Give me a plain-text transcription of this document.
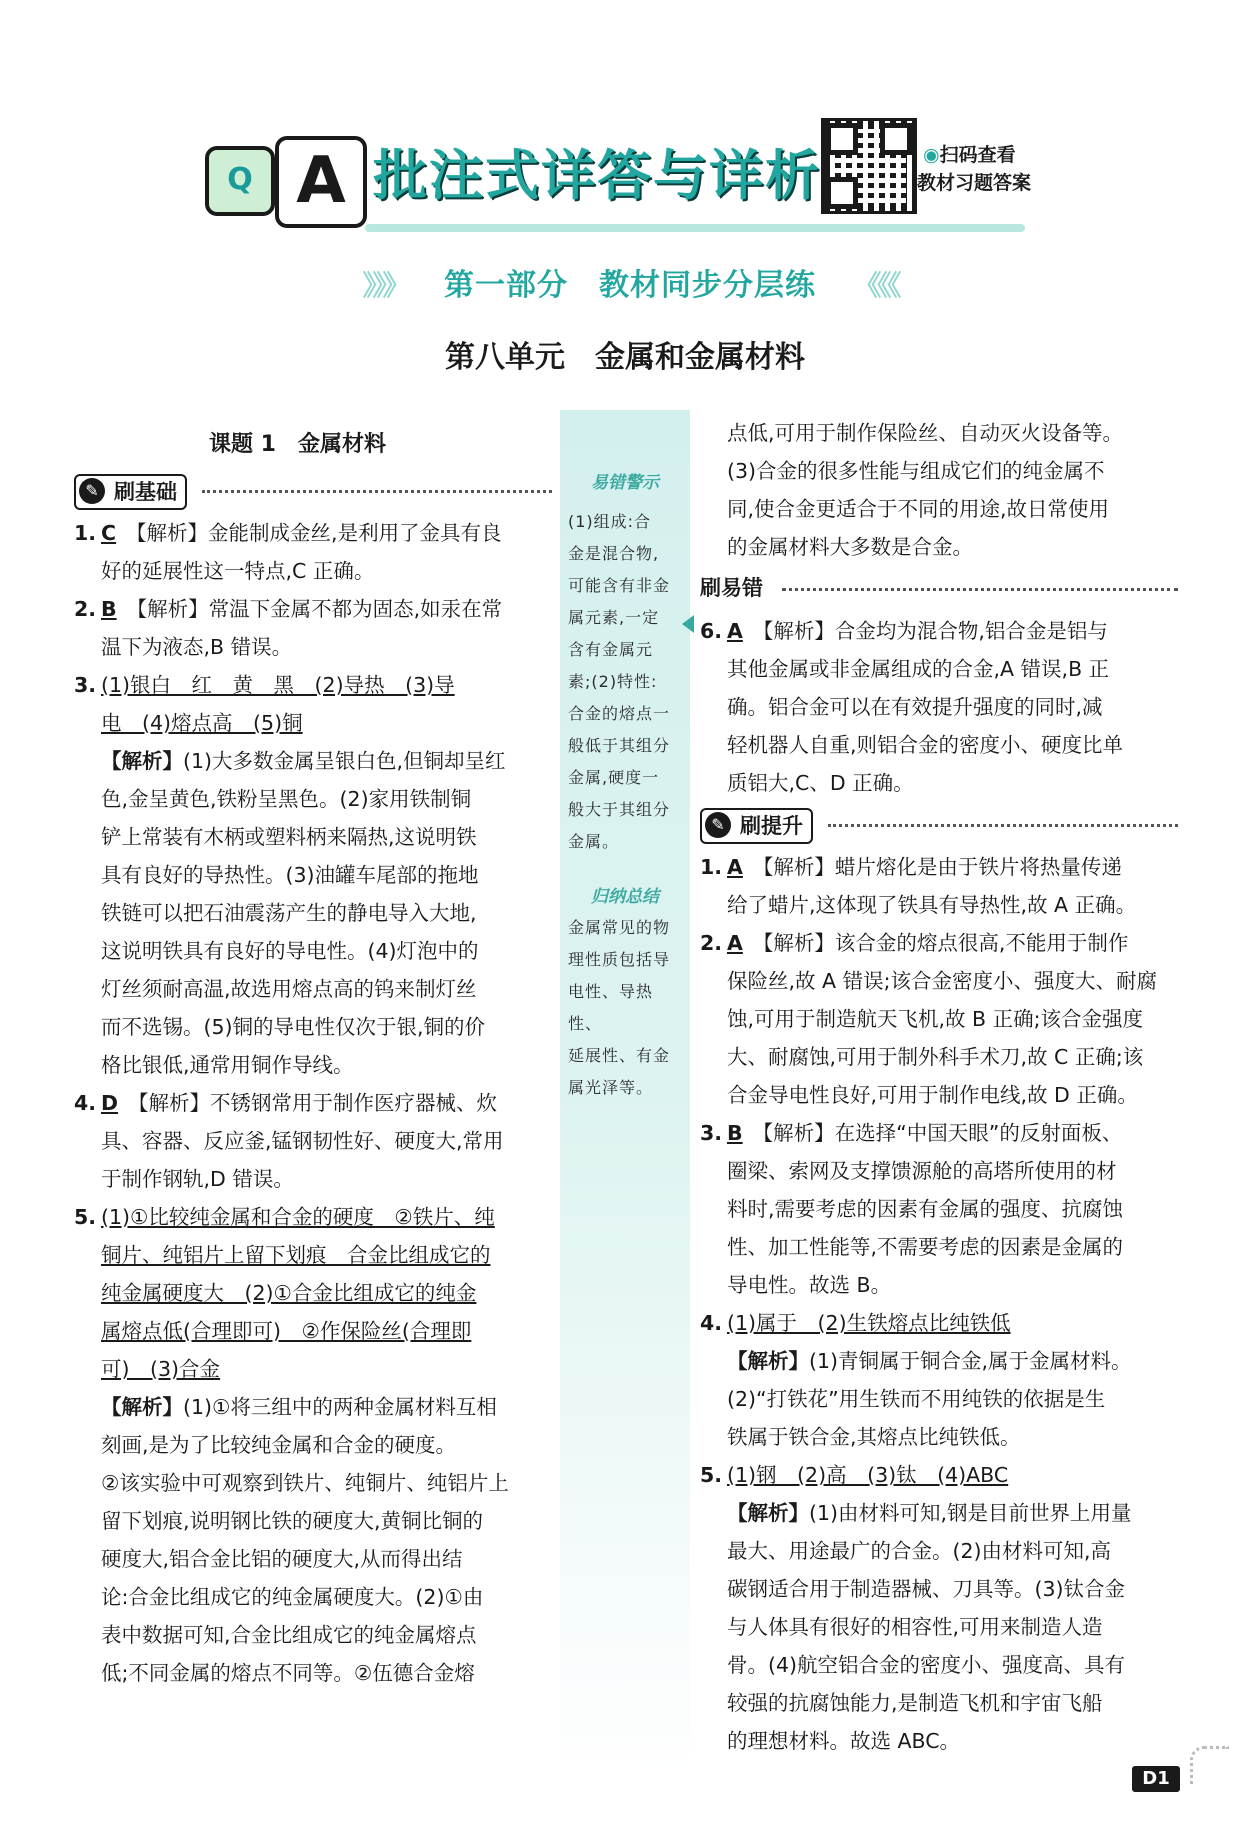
Q A 批注式详答与详析	◉扫码查看
教材习题答案
》》》 第一部分　教材同步分层练 《《《
第八单元　金属和金属材料
易错警示
(1)组成:合
金是混合物,
可能含有非金
属元素,一定
含有金属元
素;(2)特性:
合金的熔点一
般低于其组分
金属,硬度一
般大于其组分
金属。
归纳总结
金属常见的物
理性质包括导
电性、导热性、
延展性、有金
属光泽等。
课题 1　金属材料
✎ 刷基础
1. C 【解析】金能制成金丝,是利用了金具有良
好的延展性这一特点,C 正确。
2. B 【解析】常温下金属不都为固态,如汞在常
温下为液态,B 错误。
3. (1)银白　红　黄　黑　(2)导热　(3)导
电　(4)熔点高　(5)铜
【解析】(1)大多数金属呈银白色,但铜却呈红
色,金呈黄色,铁粉呈黑色。(2)家用铁制铜
铲上常装有木柄或塑料柄来隔热,这说明铁
具有良好的导热性。(3)油罐车尾部的拖地
铁链可以把石油震荡产生的静电导入大地,
这说明铁具有良好的导电性。(4)灯泡中的
灯丝须耐高温,故选用熔点高的钨来制灯丝
而不选锡。(5)铜的导电性仅次于银,铜的价
格比银低,通常用铜作导线。
4. D 【解析】不锈钢常用于制作医疗器械、炊
具、容器、反应釜,锰钢韧性好、硬度大,常用
于制作钢轨,D 错误。
5. (1)①比较纯金属和合金的硬度　②铁片、纯
铜片、纯铝片上留下划痕　合金比组成它的
纯金属硬度大　(2)①合金比组成它的纯金
属熔点低(合理即可)　②作保险丝(合理即
可)　(3)合金
【解析】(1)①将三组中的两种金属材料互相
刻画,是为了比较纯金属和合金的硬度。
②该实验中可观察到铁片、纯铜片、纯铝片上
留下划痕,说明钢比铁的硬度大,黄铜比铜的
硬度大,铝合金比铝的硬度大,从而得出结
论:合金比组成它的纯金属硬度大。(2)①由
表中数据可知,合金比组成它的纯金属熔点
低;不同金属的熔点不同等。②伍德合金熔
点低,可用于制作保险丝、自动灭火设备等。
(3)合金的很多性能与组成它们的纯金属不
同,使合金更适合于不同的用途,故日常使用
的金属材料大多数是合金。
刷易错
6. A 【解析】合金均为混合物,铝合金是铝与
其他金属或非金属组成的合金,A 错误,B 正
确。铝合金可以在有效提升强度的同时,减
轻机器人自重,则铝合金的密度小、硬度比单
质铝大,C、D 正确。
✎ 刷提升
1. A 【解析】蜡片熔化是由于铁片将热量传递
给了蜡片,这体现了铁具有导热性,故 A 正确。
2. A 【解析】该合金的熔点很高,不能用于制作
保险丝,故 A 错误;该合金密度小、强度大、耐腐
蚀,可用于制造航天飞机,故 B 正确;该合金强度
大、耐腐蚀,可用于制外科手术刀,故 C 正确;该
合金导电性良好,可用于制作电线,故 D 正确。
3. B 【解析】在选择“中国天眼”的反射面板、
圈梁、索网及支撑馈源舱的高塔所使用的材
料时,需要考虑的因素有金属的强度、抗腐蚀
性、加工性能等,不需要考虑的因素是金属的
导电性。故选 B。
4. (1)属于　(2)生铁熔点比纯铁低
【解析】(1)青铜属于铜合金,属于金属材料。
(2)“打铁花”用生铁而不用纯铁的依据是生
铁属于铁合金,其熔点比纯铁低。
5. (1)钢　(2)高　(3)钛　(4)ABC
【解析】(1)由材料可知,钢是目前世界上用量
最大、用途最广的合金。(2)由材料可知,高
碳钢适合用于制造器械、刀具等。(3)钛合金
与人体具有很好的相容性,可用来制造人造
骨。(4)航空铝合金的密度小、强度高、具有
较强的抗腐蚀能力,是制造飞机和宇宙飞船
的理想材料。故选 ABC。
D1
